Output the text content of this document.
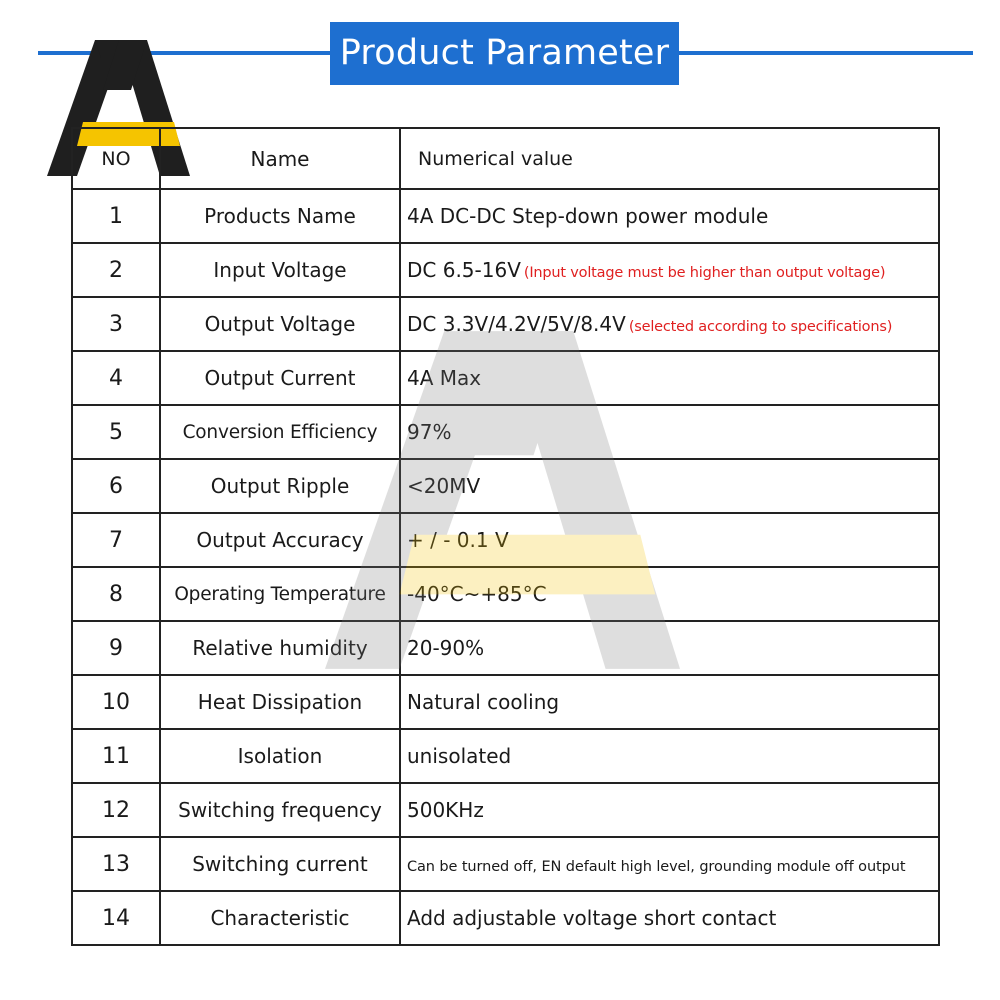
Product Parameter
NO	Name	Numerical value
1	Products Name	4A DC-DC Step-down power module
2	Input Voltage	DC 6.5-16V (Input voltage must be higher than output voltage)
3	Output Voltage	DC 3.3V/4.2V/5V/8.4V (selected according to specifications)
4	Output Current	4A Max
5	Conversion Efficiency	97%
6	Output Ripple	<20MV
7	Output Accuracy	+ / - 0.1 V
8	Operating Temperature	-40°C~+85°C
9	Relative humidity	20-90%
10	Heat Dissipation	Natural cooling
11	Isolation	unisolated
12	Switching frequency	500KHz
13	Switching current	Can be turned off, EN default high level, grounding module off output
14	Characteristic	Add adjustable voltage short contact
